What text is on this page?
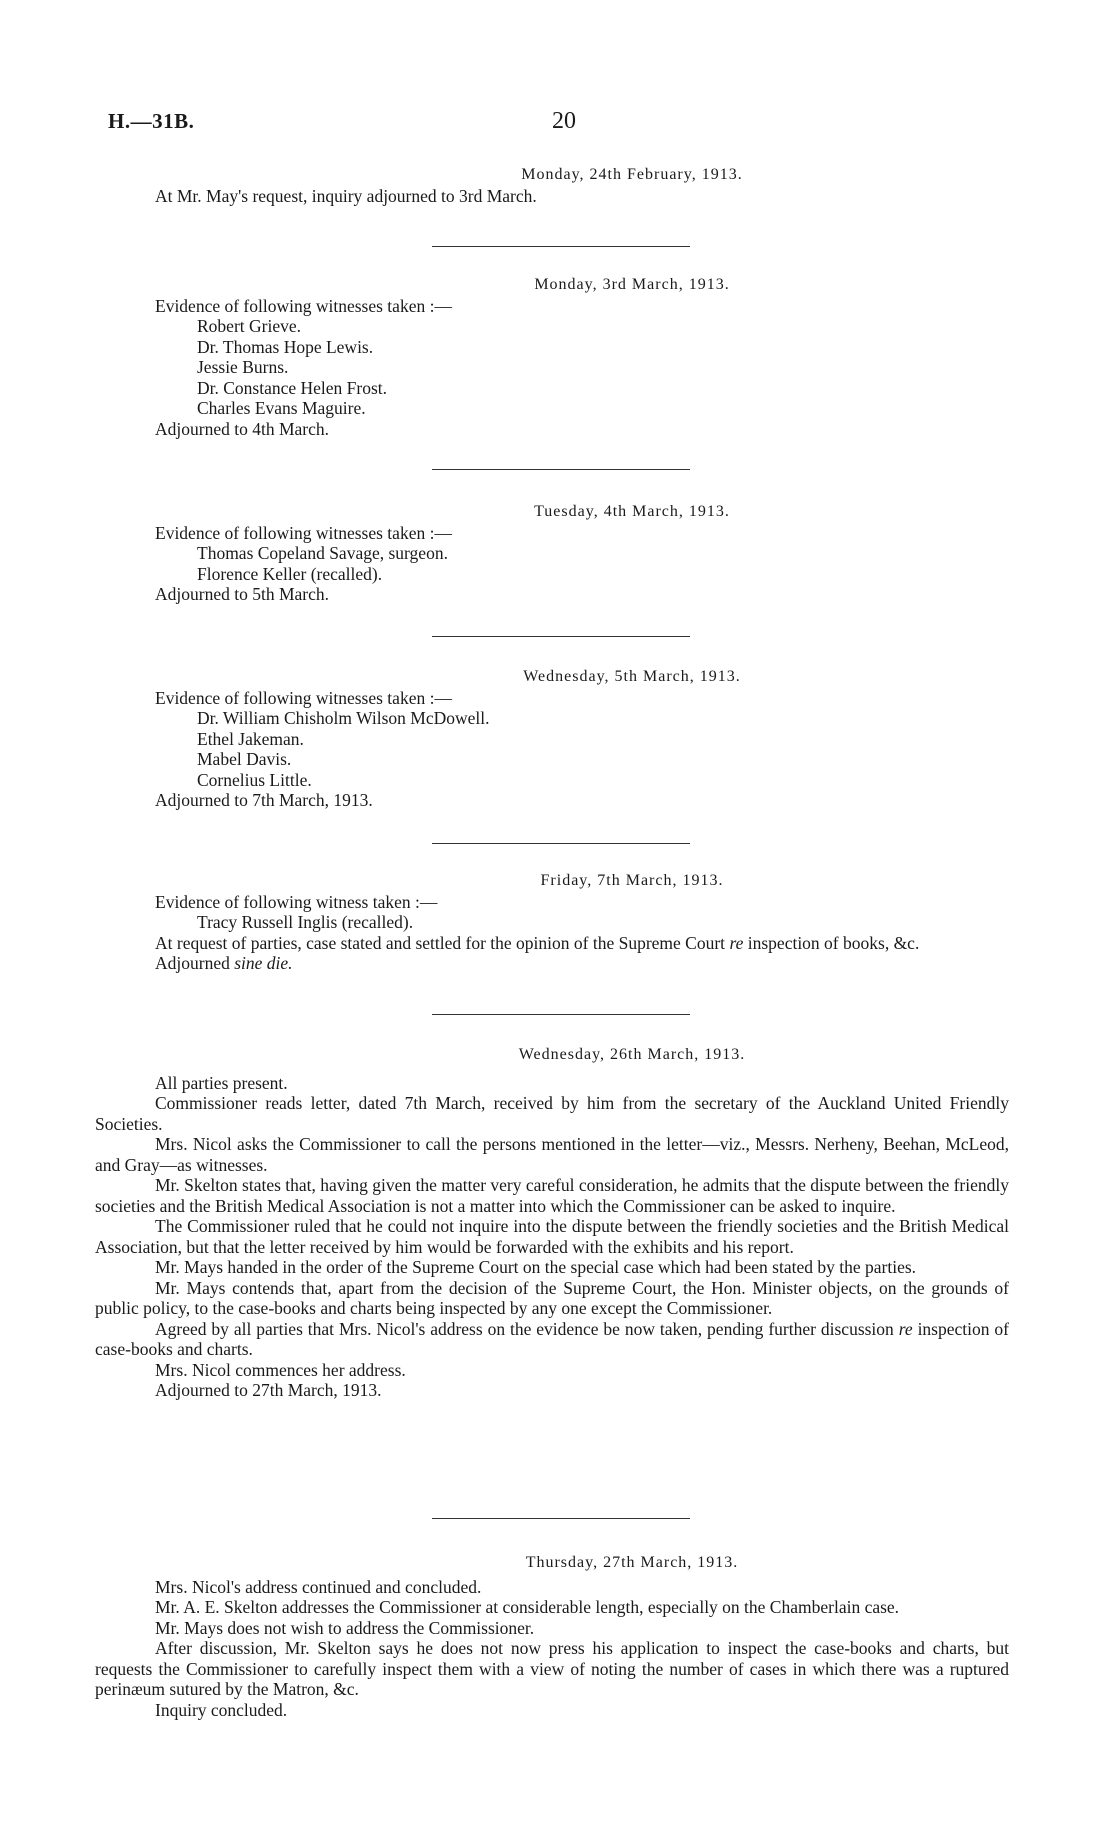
H.—31B.	20
Monday, 24th February, 1913.
At Mr. May's request, inquiry adjourned to 3rd March.
Monday, 3rd March, 1913.
Evidence of following witnesses taken :—
Robert Grieve.
Dr. Thomas Hope Lewis.
Jessie Burns.
Dr. Constance Helen Frost.
Charles Evans Maguire.
Adjourned to 4th March.
Tuesday, 4th March, 1913.
Evidence of following witnesses taken :—
Thomas Copeland Savage, surgeon.
Florence Keller (recalled).
Adjourned to 5th March.
Wednesday, 5th March, 1913.
Evidence of following witnesses taken :—
Dr. William Chisholm Wilson McDowell.
Ethel Jakeman.
Mabel Davis.
Cornelius Little.
Adjourned to 7th March, 1913.
Friday, 7th March, 1913.
Evidence of following witness taken :—
Tracy Russell Inglis (recalled).
At request of parties, case stated and settled for the opinion of the Supreme Court re inspection of books, &c.
Adjourned sine die.
Wednesday, 26th March, 1913.
All parties present.
Commissioner reads letter, dated 7th March, received by him from the secretary of the Auckland United Friendly Societies.
Mrs. Nicol asks the Commissioner to call the persons mentioned in the letter—viz., Messrs. Nerheny, Beehan, McLeod, and Gray—as witnesses.
Mr. Skelton states that, having given the matter very careful consideration, he admits that the dispute between the friendly societies and the British Medical Association is not a matter into which the Commissioner can be asked to inquire.
The Commissioner ruled that he could not inquire into the dispute between the friendly societies and the British Medical Association, but that the letter received by him would be forwarded with the exhibits and his report.
Mr. Mays handed in the order of the Supreme Court on the special case which had been stated by the parties.
Mr. Mays contends that, apart from the decision of the Supreme Court, the Hon. Minister objects, on the grounds of public policy, to the case-books and charts being inspected by any one except the Commissioner.
Agreed by all parties that Mrs. Nicol's address on the evidence be now taken, pending further discussion re inspection of case-books and charts.
Mrs. Nicol commences her address.
Adjourned to 27th March, 1913.
Thursday, 27th March, 1913.
Mrs. Nicol's address continued and concluded.
Mr. A. E. Skelton addresses the Commissioner at considerable length, especially on the Chamberlain case.
Mr. Mays does not wish to address the Commissioner.
After discussion, Mr. Skelton says he does not now press his application to inspect the case-books and charts, but requests the Commissioner to carefully inspect them with a view of noting the number of cases in which there was a ruptured perinæum sutured by the Matron, &c.
Inquiry concluded.
